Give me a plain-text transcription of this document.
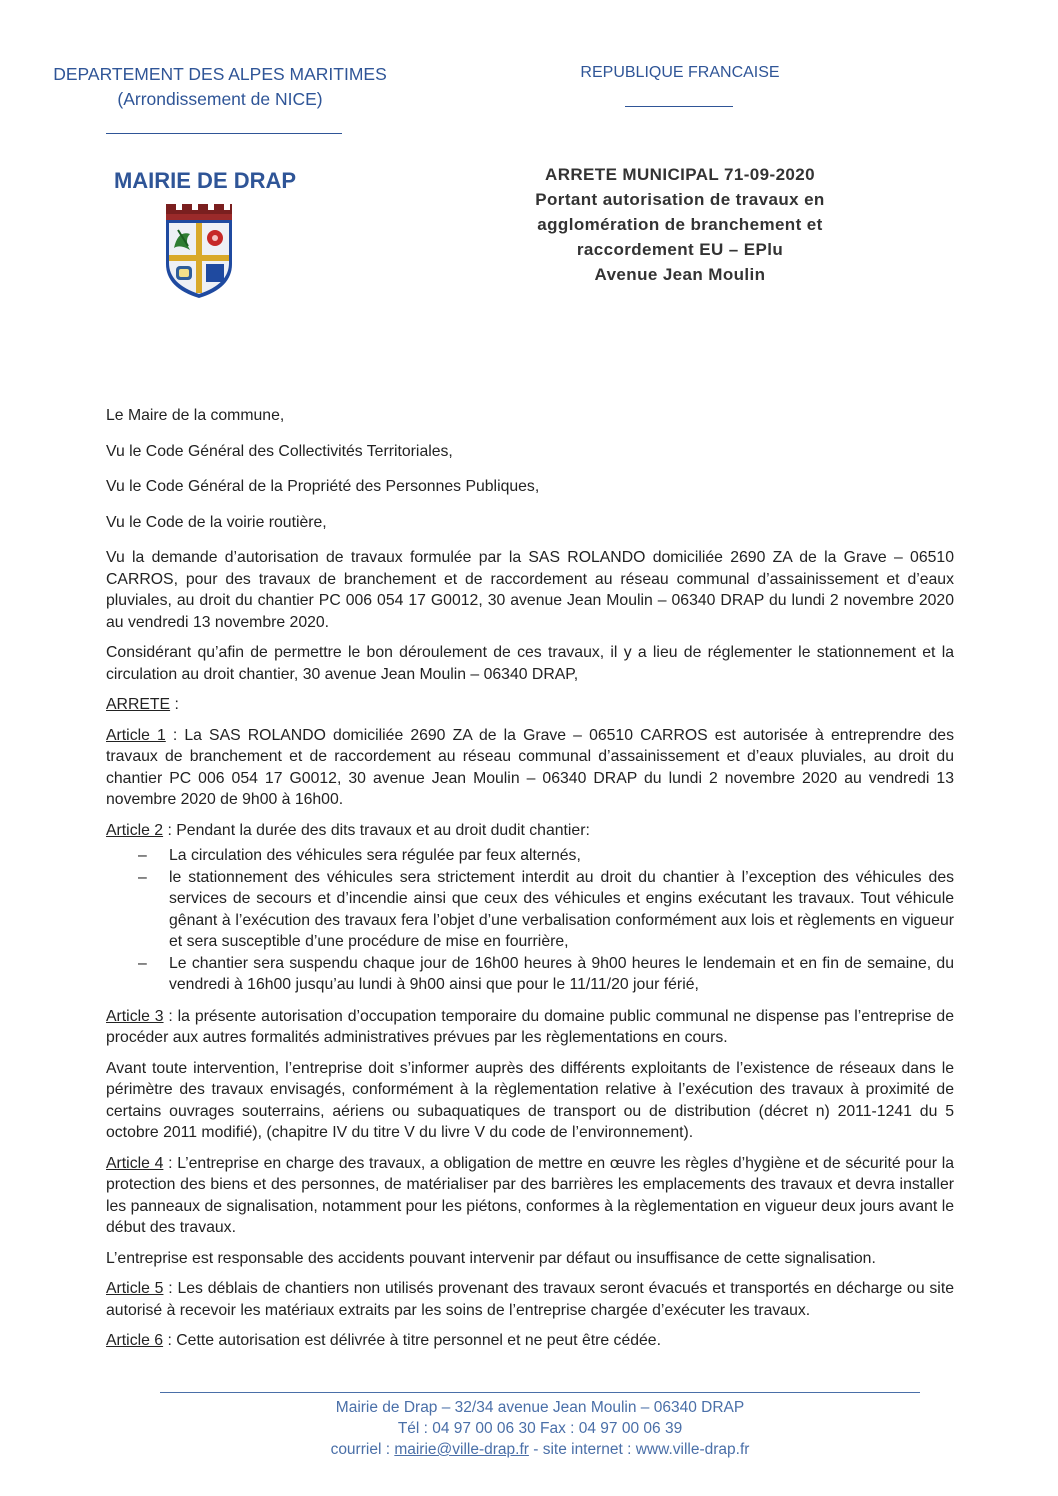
DEPARTEMENT DES ALPES MARITIMES
(Arrondissement de NICE)
REPUBLIQUE FRANCAISE
MAIRIE DE DRAP	ARRETE MUNICIPAL 71-09-2020
Portant autorisation de travaux en
agglomération de branchement et
raccordement EU – EPlu
Avenue Jean Moulin

Le Maire de la commune,

Vu le Code Général des Collectivités Territoriales,

Vu le Code Général de la Propriété des Personnes Publiques,

Vu le Code de la voirie routière,

Vu la demande d’autorisation de travaux formulée par la SAS ROLANDO domiciliée 2690 ZA de la Grave – 06510 CARROS, pour des travaux de branchement et de raccordement au réseau communal d’assainissement et d’eaux pluviales, au droit du chantier PC 006 054 17 G0012, 30 avenue Jean Moulin – 06340 DRAP du lundi 2 novembre 2020 au vendredi 13 novembre 2020.

Considérant qu’afin de permettre le bon déroulement de ces travaux, il y a lieu de réglementer le stationnement et la circulation au droit chantier, 30 avenue Jean Moulin – 06340 DRAP,

ARRETE :

Article 1 : La SAS ROLANDO domiciliée 2690 ZA de la Grave – 06510 CARROS est autorisée à entreprendre des travaux de branchement et de raccordement au réseau communal d’assainissement et d’eaux pluviales, au droit du chantier PC 006 054 17 G0012, 30 avenue Jean Moulin – 06340 DRAP du lundi 2 novembre 2020 au vendredi 13 novembre 2020 de 9h00 à 16h00.

Article 2 : Pendant la durée des dits travaux et au droit dudit chantier:

– La circulation des véhicules sera régulée par feux alternés,
– le stationnement des véhicules sera strictement interdit au droit du chantier à l’exception des véhicules des services de secours et d’incendie ainsi que ceux des véhicules et engins exécutant les travaux. Tout véhicule gênant à l’exécution des travaux fera l’objet d’une verbalisation conformément aux lois et règlements en vigueur et sera susceptible d’une procédure de mise en fourrière,
– Le chantier sera suspendu chaque jour de 16h00 heures à 9h00 heures le lendemain et en fin de semaine, du vendredi à 16h00 jusqu’au lundi à 9h00 ainsi que pour le 11/11/20 jour férié,

Article 3 : la présente autorisation d’occupation temporaire du domaine public communal ne dispense pas l’entreprise de procéder aux autres formalités administratives prévues par les règlementations en cours.

Avant toute intervention, l’entreprise doit s’informer auprès des différents exploitants de l’existence de réseaux dans le périmètre des travaux envisagés, conformément à la règlementation relative à l’exécution des travaux à proximité de certains ouvrages souterrains, aériens ou subaquatiques de transport ou de distribution (décret n) 2011-1241 du 5 octobre 2011 modifié), (chapitre IV du titre V du livre V du code de l’environnement).

Article 4 : L’entreprise en charge des travaux, a obligation de mettre en œuvre les règles d’hygiène et de sécurité pour la protection des biens et des personnes, de matérialiser par des barrières les emplacements des travaux et devra installer les panneaux de signalisation, notamment pour les piétons, conformes à la règlementation en vigueur deux jours avant le début des travaux.

L’entreprise est responsable des accidents pouvant intervenir par défaut ou insuffisance de cette signalisation.

Article 5 : Les déblais de chantiers non utilisés provenant des travaux seront évacués et transportés en décharge ou site autorisé à recevoir les matériaux extraits par les soins de l’entreprise chargée d’exécuter les travaux.

Article 6 : Cette autorisation est délivrée à titre personnel et ne peut être cédée.

Mairie de Drap – 32/34 avenue Jean Moulin – 06340 DRAP
Tél : 04 97 00 06 30 Fax : 04 97 00 06 39
courriel : mairie@ville-drap.fr - site internet : www.ville-drap.fr
